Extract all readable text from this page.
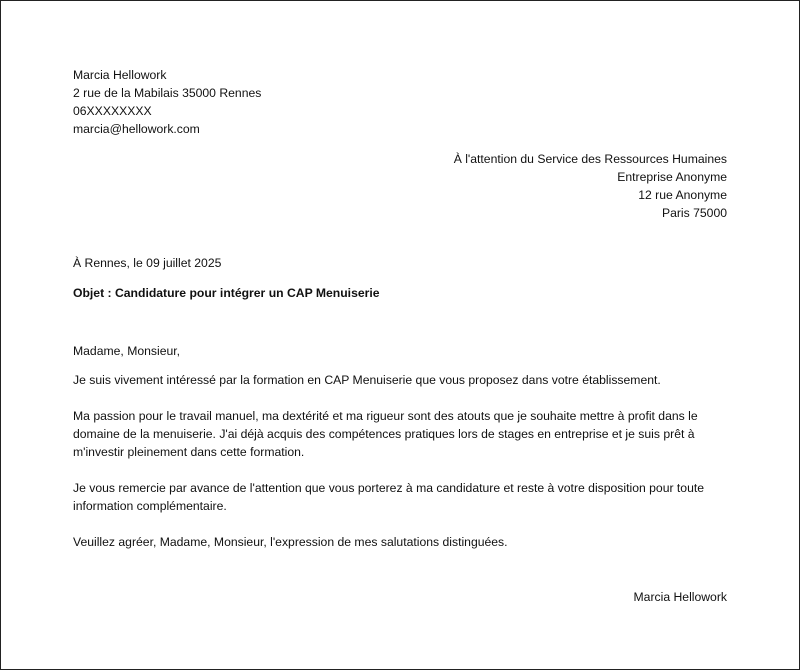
Marcia Hellowork
2 rue de la Mabilais 35000 Rennes
06XXXXXXXX
marcia@hellowork.com
À l'attention du Service des Ressources Humaines
Entreprise Anonyme
12 rue Anonyme
Paris 75000
À Rennes, le 09 juillet 2025
Objet : Candidature pour intégrer un CAP Menuiserie

Madame, Monsieur,

Je suis vivement intéressé par la formation en CAP Menuiserie que vous proposez dans votre établissement.

Ma passion pour le travail manuel, ma dextérité et ma rigueur sont des atouts que je souhaite mettre à profit dans le domaine de la menuiserie. J'ai déjà acquis des compétences pratiques lors de stages en entreprise et je suis prêt à m'investir pleinement dans cette formation.

Je vous remercie par avance de l'attention que vous porterez à ma candidature et reste à votre disposition pour toute information complémentaire.

Veuillez agréer, Madame, Monsieur, l'expression de mes salutations distinguées.

Marcia Hellowork
